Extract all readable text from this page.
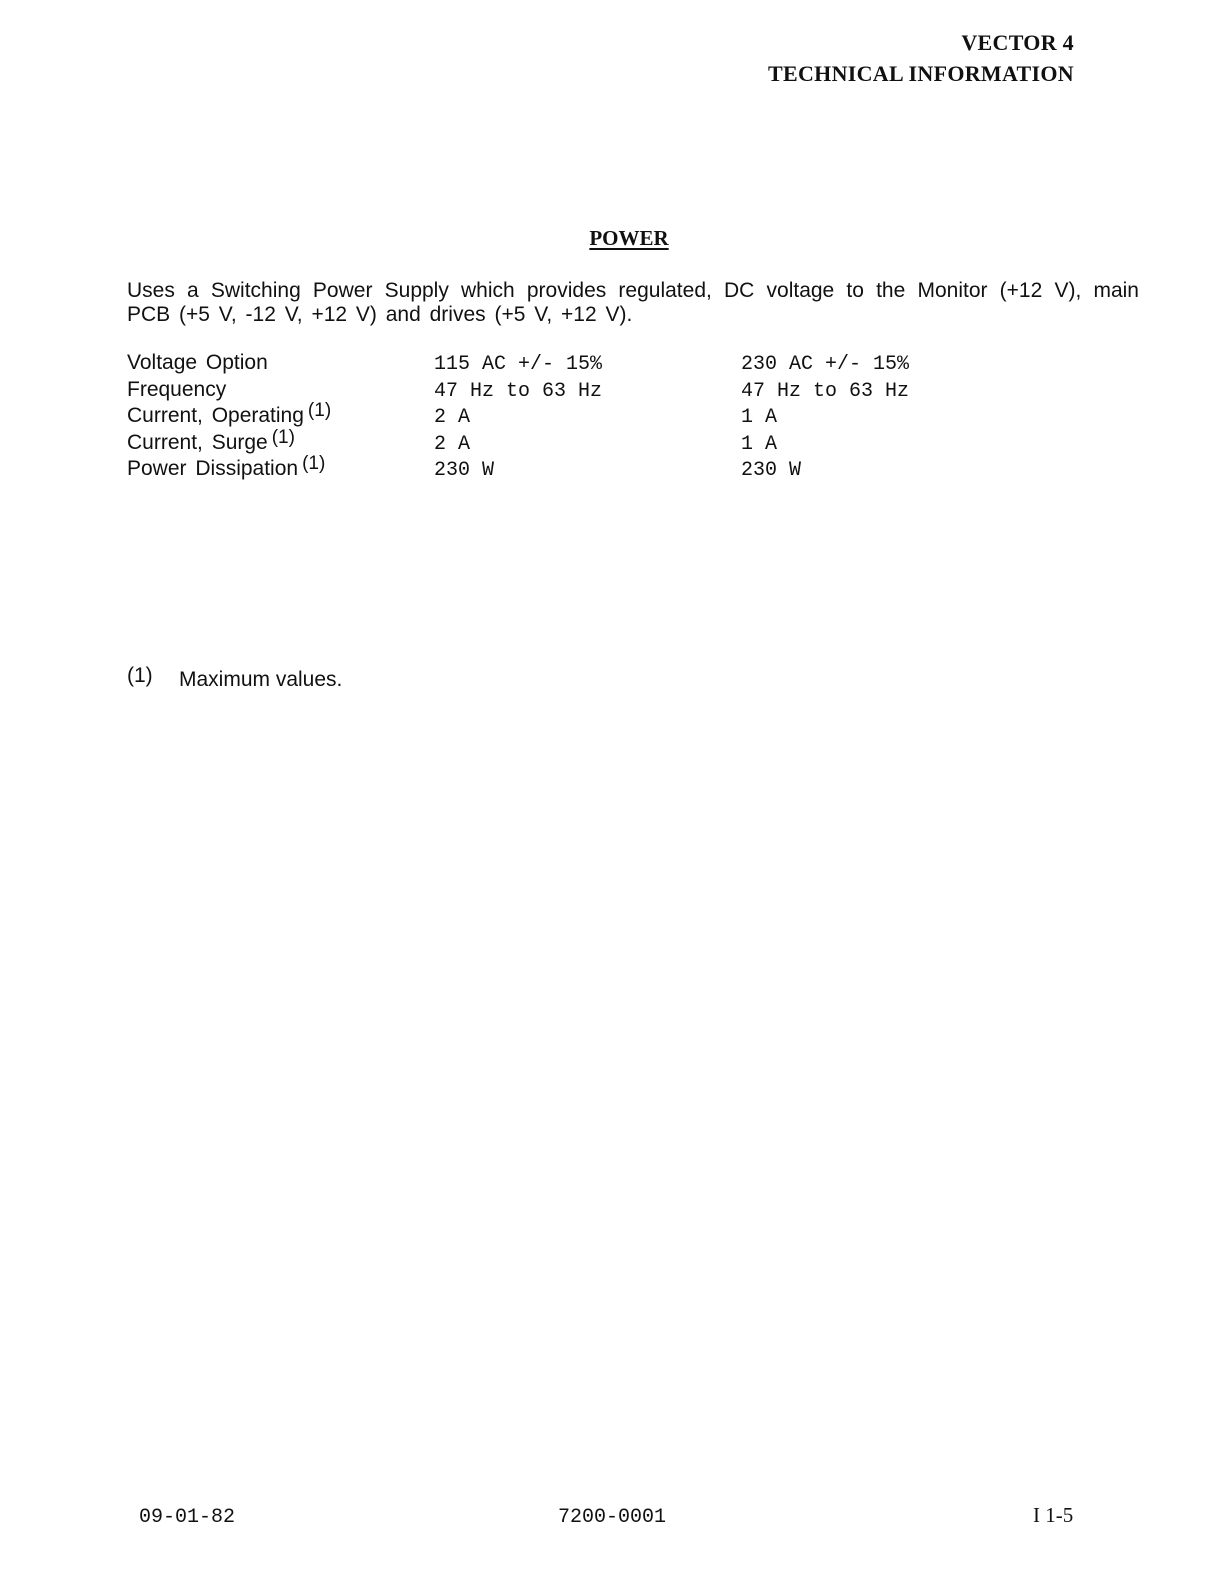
VECTOR 4
TECHNICAL INFORMATION
POWER
Uses a Switching Power Supply which provides regulated, DC voltage to the Monitor (+12 V), main PCB (+5 V, -12 V, +12 V) and drives (+5 V, +12 V).
Voltage Option	115 AC +/- 15%	230 AC +/- 15%
Frequency	47 Hz to 63 Hz	47 Hz to 63 Hz
Current, Operating (1)	2 A	1 A
Current, Surge (1)	2 A	1 A
Power Dissipation (1)	230 W	230 W
(1) Maximum values.
09-01-82	7200-0001	I 1-5
